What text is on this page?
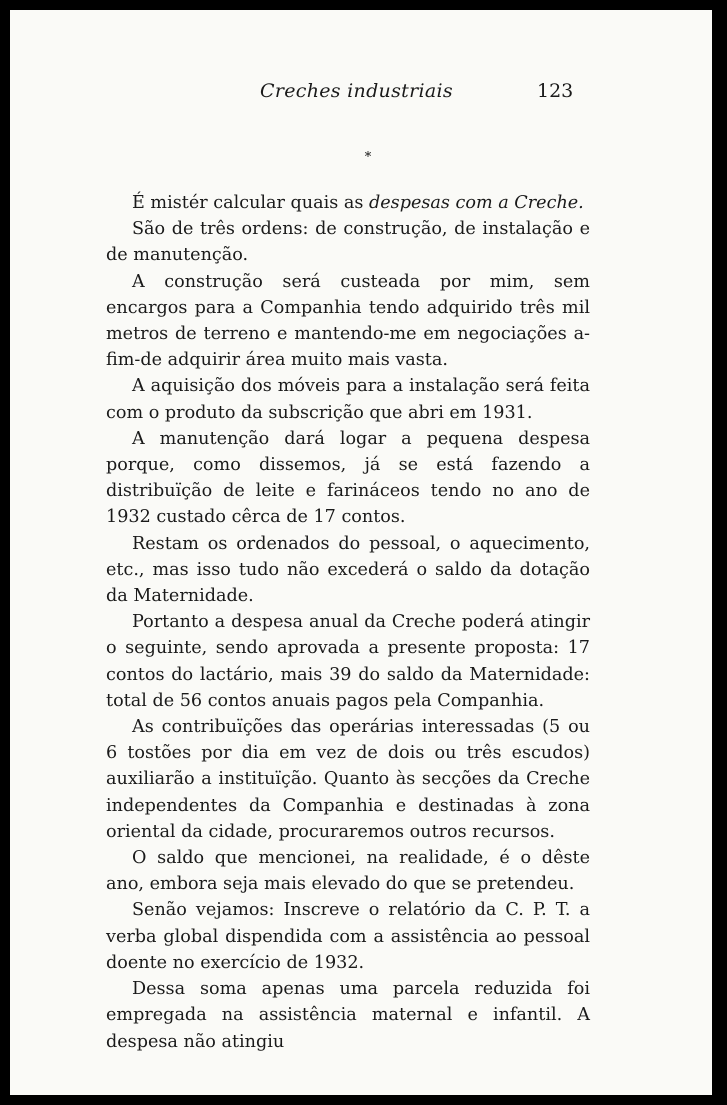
Creches industriais	123
*

É mistér calcular quais as despesas com a Creche.

São de três ordens: de construção, de instalação e de manutenção.

A construção será custeada por mim, sem encargos para a Companhia tendo adquirido três mil metros de terreno e mantendo-me em negociações a-fim-de adquirir área muito mais vasta.

A aquisição dos móveis para a instalação será feita com o produto da subscrição que abri em 1931.

A manutenção dará logar a pequena despesa porque, como dissemos, já se está fazendo a distribuïção de leite e farináceos tendo no ano de 1932 custado cêrca de 17 contos.

Restam os ordenados do pessoal, o aquecimento, etc., mas isso tudo não excederá o saldo da dotação da Maternidade.

Portanto a despesa anual da Creche poderá atingir o seguinte, sendo aprovada a presente proposta: 17 contos do lactário, mais 39 do saldo da Maternidade: total de 56 contos anuais pagos pela Companhia.

As contribuïções das operárias interessadas (5 ou 6 tostões por dia em vez de dois ou três escudos) auxiliarão a instituïção. Quanto às secções da Creche independentes da Companhia e destinadas à zona oriental da cidade, procuraremos outros recursos.

O saldo que mencionei, na realidade, é o dêste ano, embora seja mais elevado do que se pretendeu.

Senão vejamos: Inscreve o relatório da C. P. T. a verba global dispendida com a assistência ao pessoal doente no exercício de 1932.

Dessa soma apenas uma parcela reduzida foi empregada na assistência maternal e infantil. A despesa não atingiu
